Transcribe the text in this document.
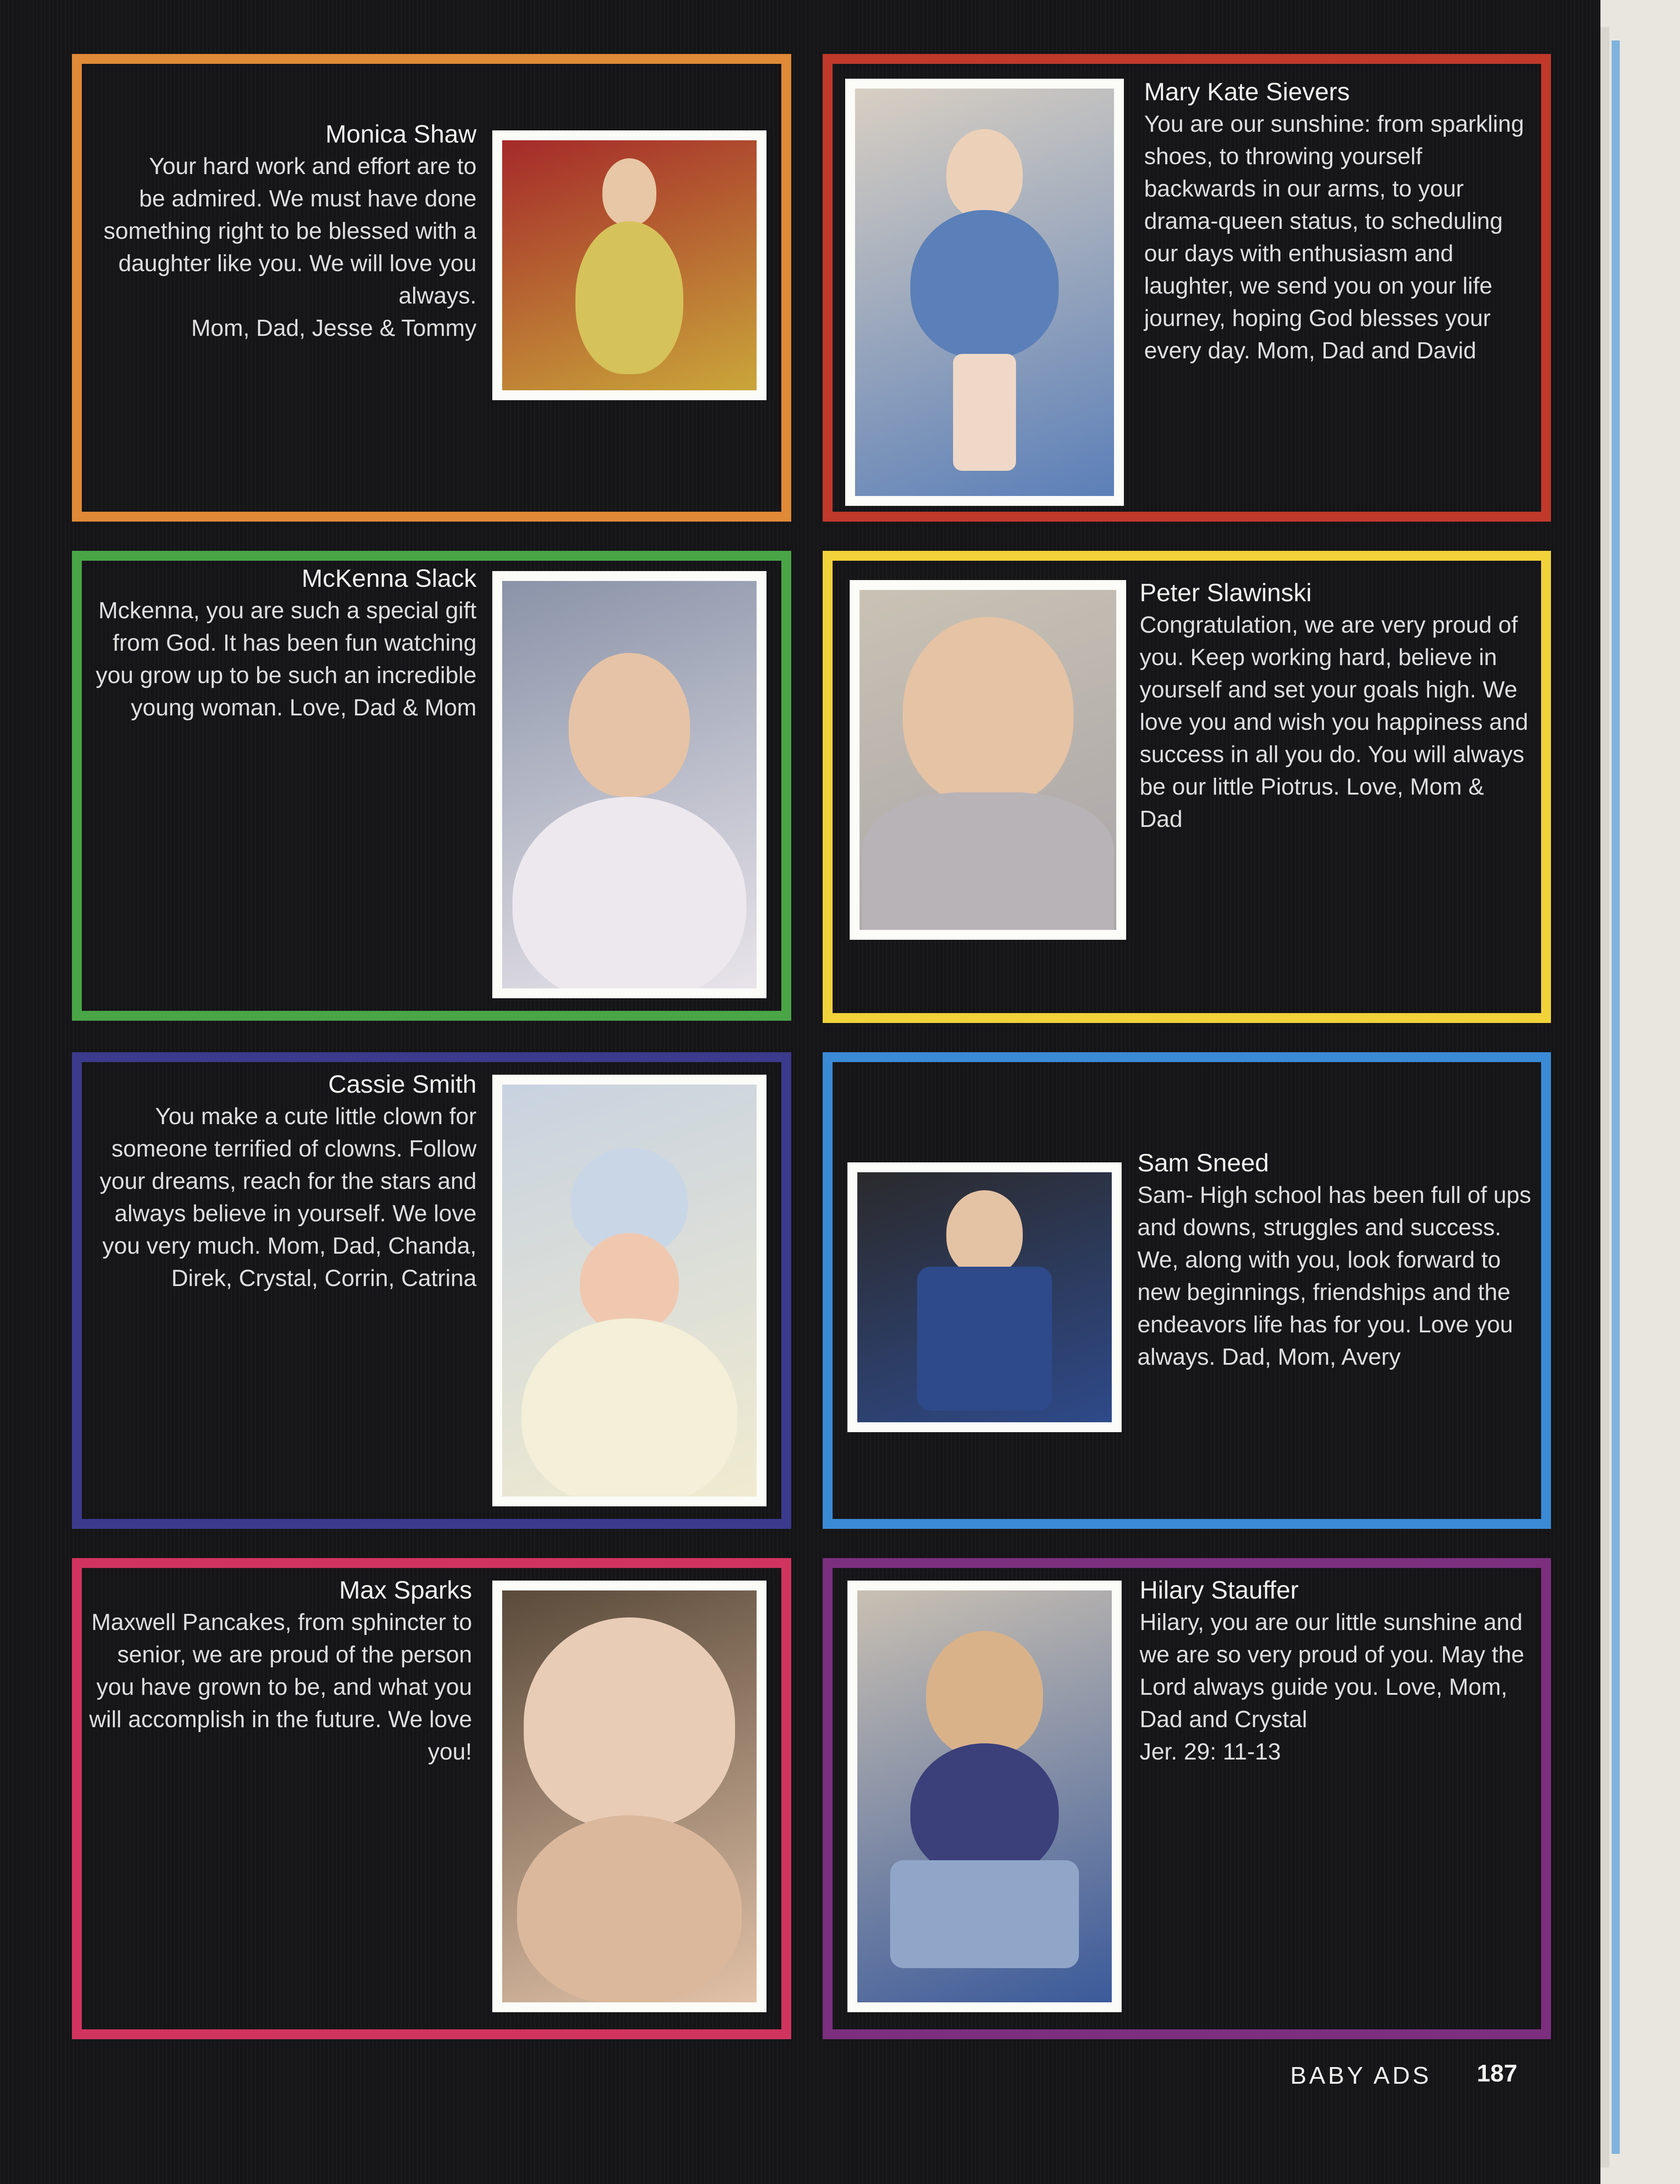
Monica Shaw
Your hard work and effort are to
be admired. We must have done
something right to be blessed with a
daughter like you. We will love you
always.
Mom, Dad, Jesse & Tommy
Mary Kate Sievers
You are our sunshine: from sparkling
shoes, to throwing yourself
backwards in our arms, to your
drama-queen status, to scheduling
our days with enthusiasm and
laughter, we send you on your life
journey, hoping God blesses your
every day. Mom, Dad and David
McKenna Slack
Mckenna, you are such a special gift
from God. It has been fun watching
you grow up to be such an incredible
young woman. Love, Dad & Mom
Peter Slawinski
Congratulation, we are very proud of
you. Keep working hard, believe in
yourself and set your goals high. We
love you and wish you happiness and
success in all you do. You will always
be our little Piotrus. Love, Mom &
Dad
Cassie Smith
You make a cute little clown for
someone terrified of clowns. Follow
your dreams, reach for the stars and
always believe in yourself. We love
you very much. Mom, Dad, Chanda,
Direk, Crystal, Corrin, Catrina
Sam Sneed
Sam- High school has been full of ups
and downs, struggles and success.
We, along with you, look forward to
new beginnings, friendships and the
endeavors life has for you. Love you
always. Dad, Mom, Avery
Max Sparks
Maxwell Pancakes, from sphincter to
senior, we are proud of the person
you have grown to be, and what you
will accomplish in the future. We love
you!
Hilary Stauffer
Hilary, you are our little sunshine and
we are so very proud of you. May the
Lord always guide you. Love, Mom,
Dad and Crystal
Jer. 29: 11-13
BABY ADS 187
